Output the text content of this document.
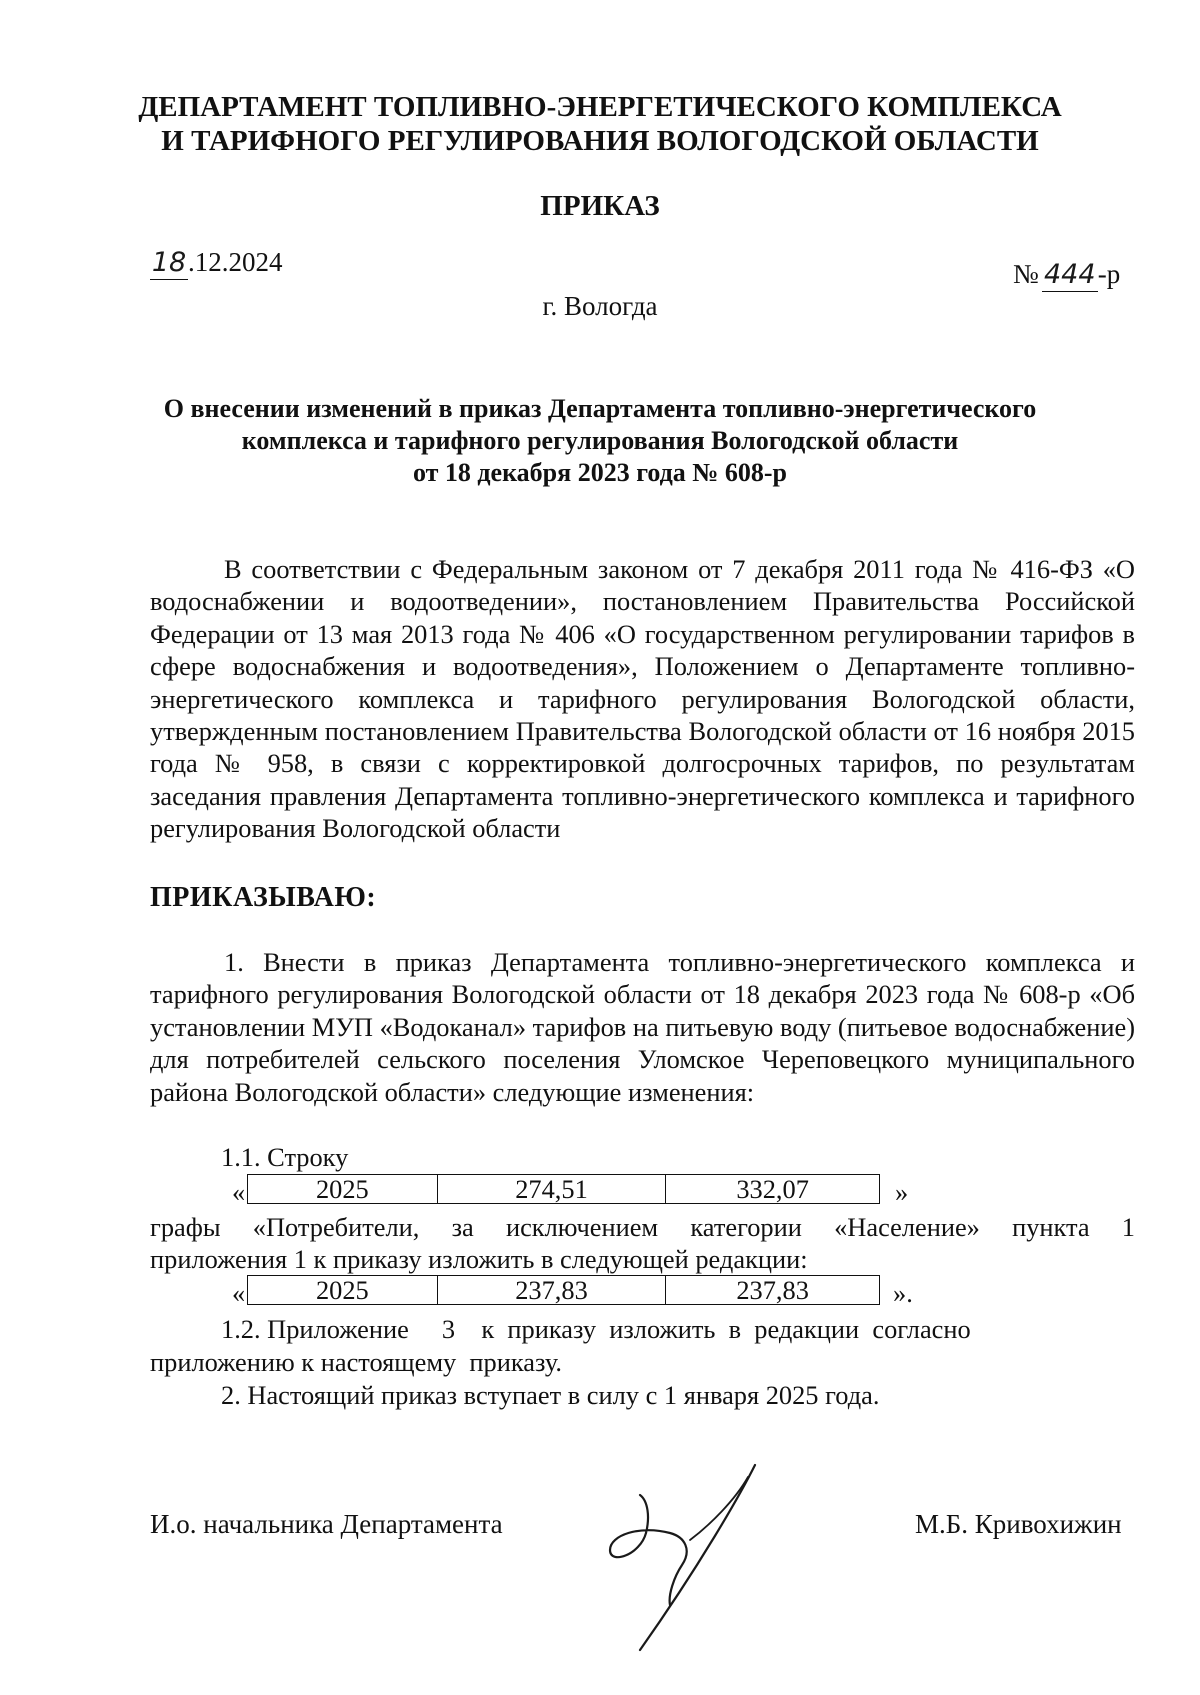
ДЕПАРТАМЕНТ ТОПЛИВНО-ЭНЕРГЕТИЧЕСКОГО КОМПЛЕКСА
И ТАРИФНОГО РЕГУЛИРОВАНИЯ ВОЛОГОДСКОЙ ОБЛАСТИ
ПРИКАЗ
18.12.2024	№ 444-р
г. Вологда
О внесении изменений в приказ Департамента топливно-энергетического
комплекса и тарифного регулирования Вологодской области
от 18 декабря 2023 года № 608-р
В соответствии с Федеральным законом от 7 декабря 2011 года № 416-ФЗ «О водоснабжении и водоотведении», постановлением Правительства Российской Федерации от 13 мая 2013 года № 406 «О государственном регулировании тарифов в сфере водоснабжения и водоотведения», Положением о Департаменте топливно-энергетического комплекса и тарифного регулирования Вологодской области, утвержденным постановлением Правительства Вологодской области от 16 ноября 2015 года № 958, в связи с корректировкой долгосрочных тарифов, по результатам заседания правления Департамента топливно-энергетического комплекса и тарифного регулирования Вологодской области
ПРИКАЗЫВАЮ:
1. Внести в приказ Департамента топливно-энергетического комплекса и тарифного регулирования Вологодской области от 18 декабря 2023 года № 608-р «Об установлении МУП «Водоканал» тарифов на питьевую воду (питьевое водоснабжение) для потребителей сельского поселения Уломское Череповецкого муниципального района Вологодской области» следующие изменения:
1.1. Строку
«	2025	274,51	332,07	»
графы «Потребители, за исключением категории «Население» пункта 1
приложения 1 к приказу изложить в следующей редакции:
«	2025	237,83	237,83	».
1.2. Приложение     3    к  приказу  изложить  в  редакции  согласно
приложению к настоящему  приказу.
2. Настоящий приказ вступает в силу с 1 января 2025 года.
И.о. начальника Департамента	М.Б. Кривохижин
